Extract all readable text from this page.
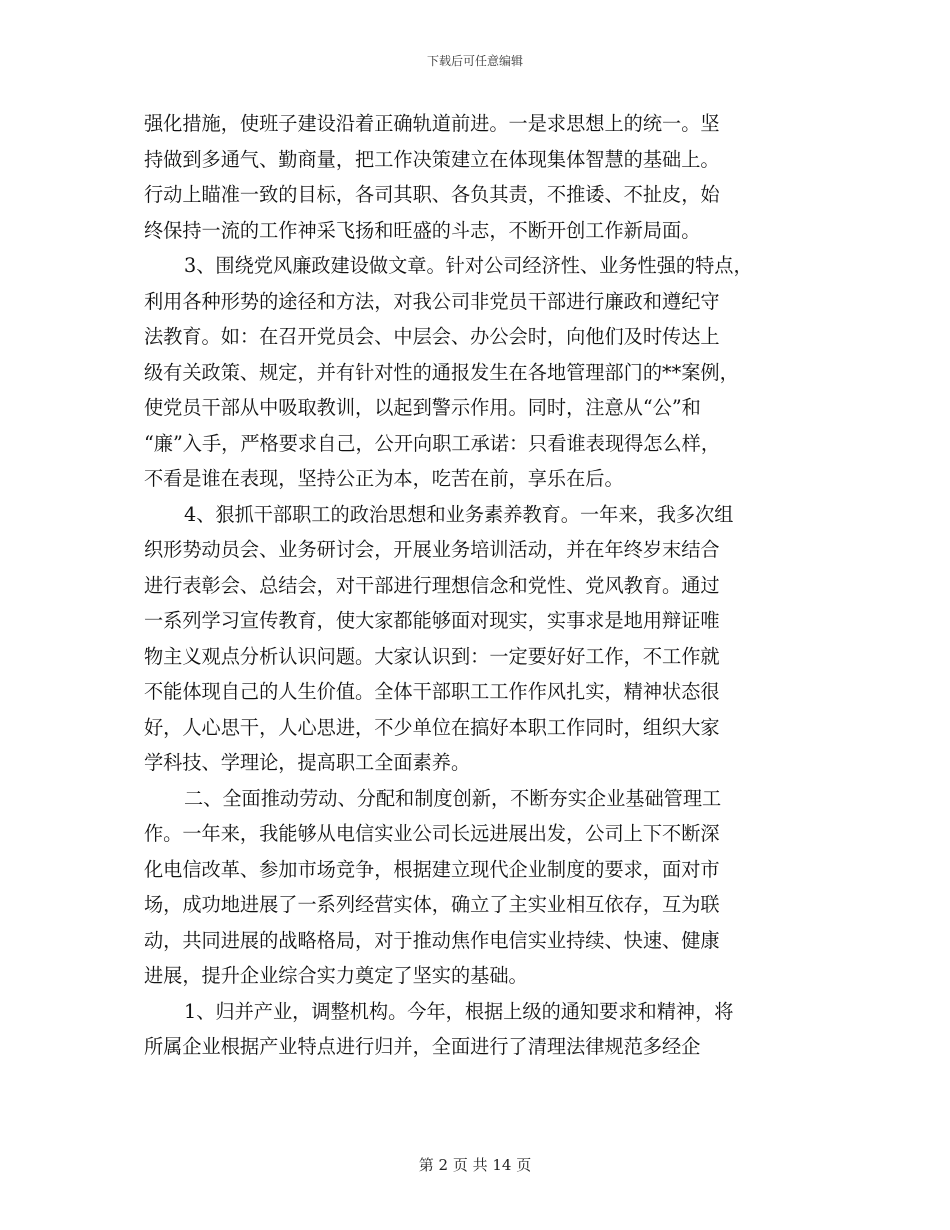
下载后可任意编辑
强化措施，使班子建设沿着正确轨道前进。一是求思想上的统一。坚
持做到多通气、勤商量，把工作决策建立在体现集体智慧的基础上。
行动上瞄准一致的目标，各司其职、各负其责，不推诿、不扯皮，始
终保持一流的工作神采飞扬和旺盛的斗志，不断开创工作新局面。
3、围绕党风廉政建设做文章。针对公司经济性、业务性强的特点，
利用各种形势的途径和方法，对我公司非党员干部进行廉政和遵纪守
法教育。如：在召开党员会、中层会、办公会时，向他们及时传达上
级有关政策、规定，并有针对性的通报发生在各地管理部门的**案例，
使党员干部从中吸取教训，以起到警示作用。同时，注意从“公”和
“廉”入手，严格要求自己，公开向职工承诺：只看谁表现得怎么样，
不看是谁在表现，坚持公正为本，吃苦在前，享乐在后。
4、狠抓干部职工的政治思想和业务素养教育。一年来，我多次组
织形势动员会、业务研讨会，开展业务培训活动，并在年终岁末结合
进行表彰会、总结会，对干部进行理想信念和党性、党风教育。通过
一系列学习宣传教育，使大家都能够面对现实，实事求是地用辩证唯
物主义观点分析认识问题。大家认识到：一定要好好工作，不工作就
不能体现自己的人生价值。全体干部职工工作作风扎实，精神状态很
好，人心思干，人心思进，不少单位在搞好本职工作同时，组织大家
学科技、学理论，提高职工全面素养。
二、全面推动劳动、分配和制度创新，不断夯实企业基础管理工
作。一年来，我能够从电信实业公司长远进展出发，公司上下不断深
化电信改革、参加市场竞争，根据建立现代企业制度的要求，面对市
场，成功地进展了一系列经营实体，确立了主实业相互依存，互为联
动，共同进展的战略格局，对于推动焦作电信实业持续、快速、健康
进展，提升企业综合实力奠定了坚实的基础。
1、归并产业，调整机构。今年，根据上级的通知要求和精神，将
所属企业根据产业特点进行归并，全面进行了清理法律规范多经企
第 2 页 共 14 页
